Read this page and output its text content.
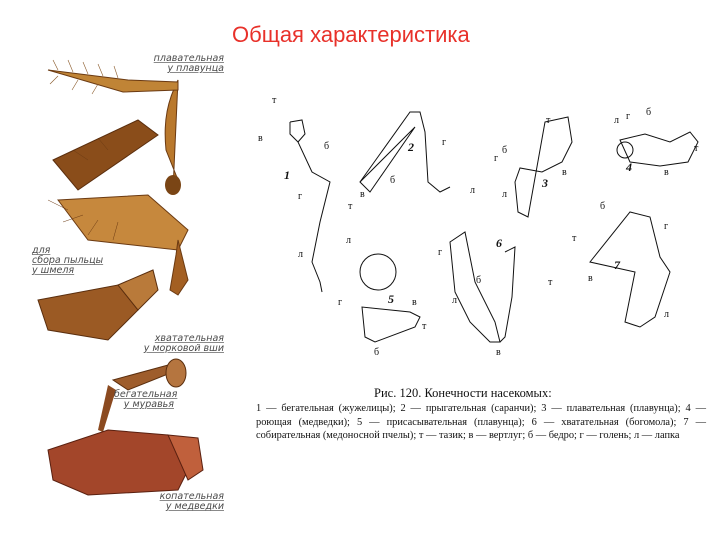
Общая характеристика

плавательная
у плавунца

для
сбора пыльцы
у шмеля

хватательная
у морковой вши

бегательная
у муравья

копательная
у медведки

т
в
б
г
л
1
в
т
б
г
л
2
т
б
г
в
л
3
л г б
т
в
4
л
г	в
т
б
5
г
б
л
т
в
6
б
г
т
в
л
7
Рис. 120. Конечности насекомых:
1 — бегательная (жужелицы); 2 — прыгательная (саранчи); 3 — плавательная (плавунца); 4 — роющая (медведки); 5 — присасывательная (плавунца); 6 — хватательная (богомола); 7 — собирательная (медоносной пчелы); т — тазик; в — вертлуг; б — бедро; г — голень; л — лапка
